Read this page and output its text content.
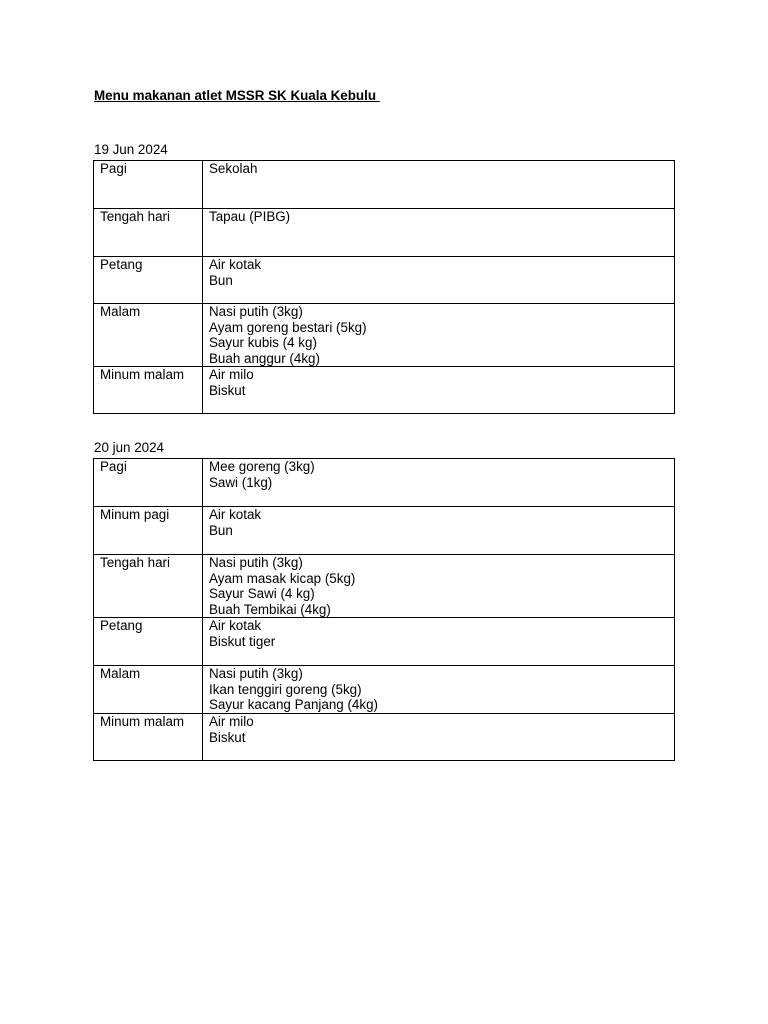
Menu makanan atlet MSSR SK Kuala Kebulu
19 Jun 2024
Pagi	Sekolah

Tengah hari	Tapau (PIBG)

Petang	Air kotak
Bun

Malam	Nasi putih (3kg)
Ayam goreng bestari (5kg)
Sayur kubis (4 kg)
Buah anggur (4kg)

Minum malam	Air milo
Biskut
20 jun 2024
Pagi	Mee goreng (3kg)
Sawi (1kg)

Minum pagi	Air kotak
Bun

Tengah hari	Nasi putih (3kg)
Ayam masak kicap (5kg)
Sayur Sawi (4 kg)
Buah Tembikai (4kg)

Petang	Air kotak
Biskut tiger

Malam	Nasi putih (3kg)
Ikan tenggiri goreng (5kg)
Sayur kacang Panjang (4kg)

Minum malam	Air milo
Biskut
